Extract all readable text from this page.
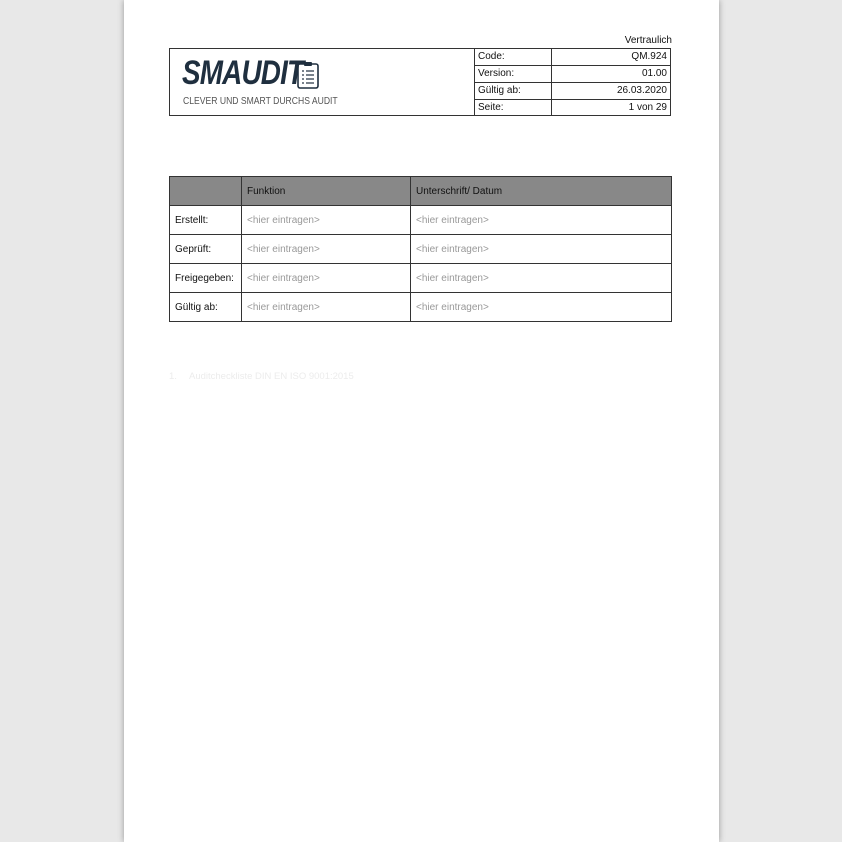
Vertraulich
SMAUDIT
CLEVER UND SMART DURCHS AUDIT
Code:	QM.924
Version:	01.00
Gültig ab:	26.03.2020
Seite:	1 von 29
	Funktion	Unterschrift/ Datum
Erstellt:	<hier eintragen>	<hier eintragen>
Geprüft:	<hier eintragen>	<hier eintragen>
Freigegeben:	<hier eintragen>	<hier eintragen>
Gültig ab:	<hier eintragen>	<hier eintragen>
1. Auditcheckliste DIN EN ISO 9001:2015
